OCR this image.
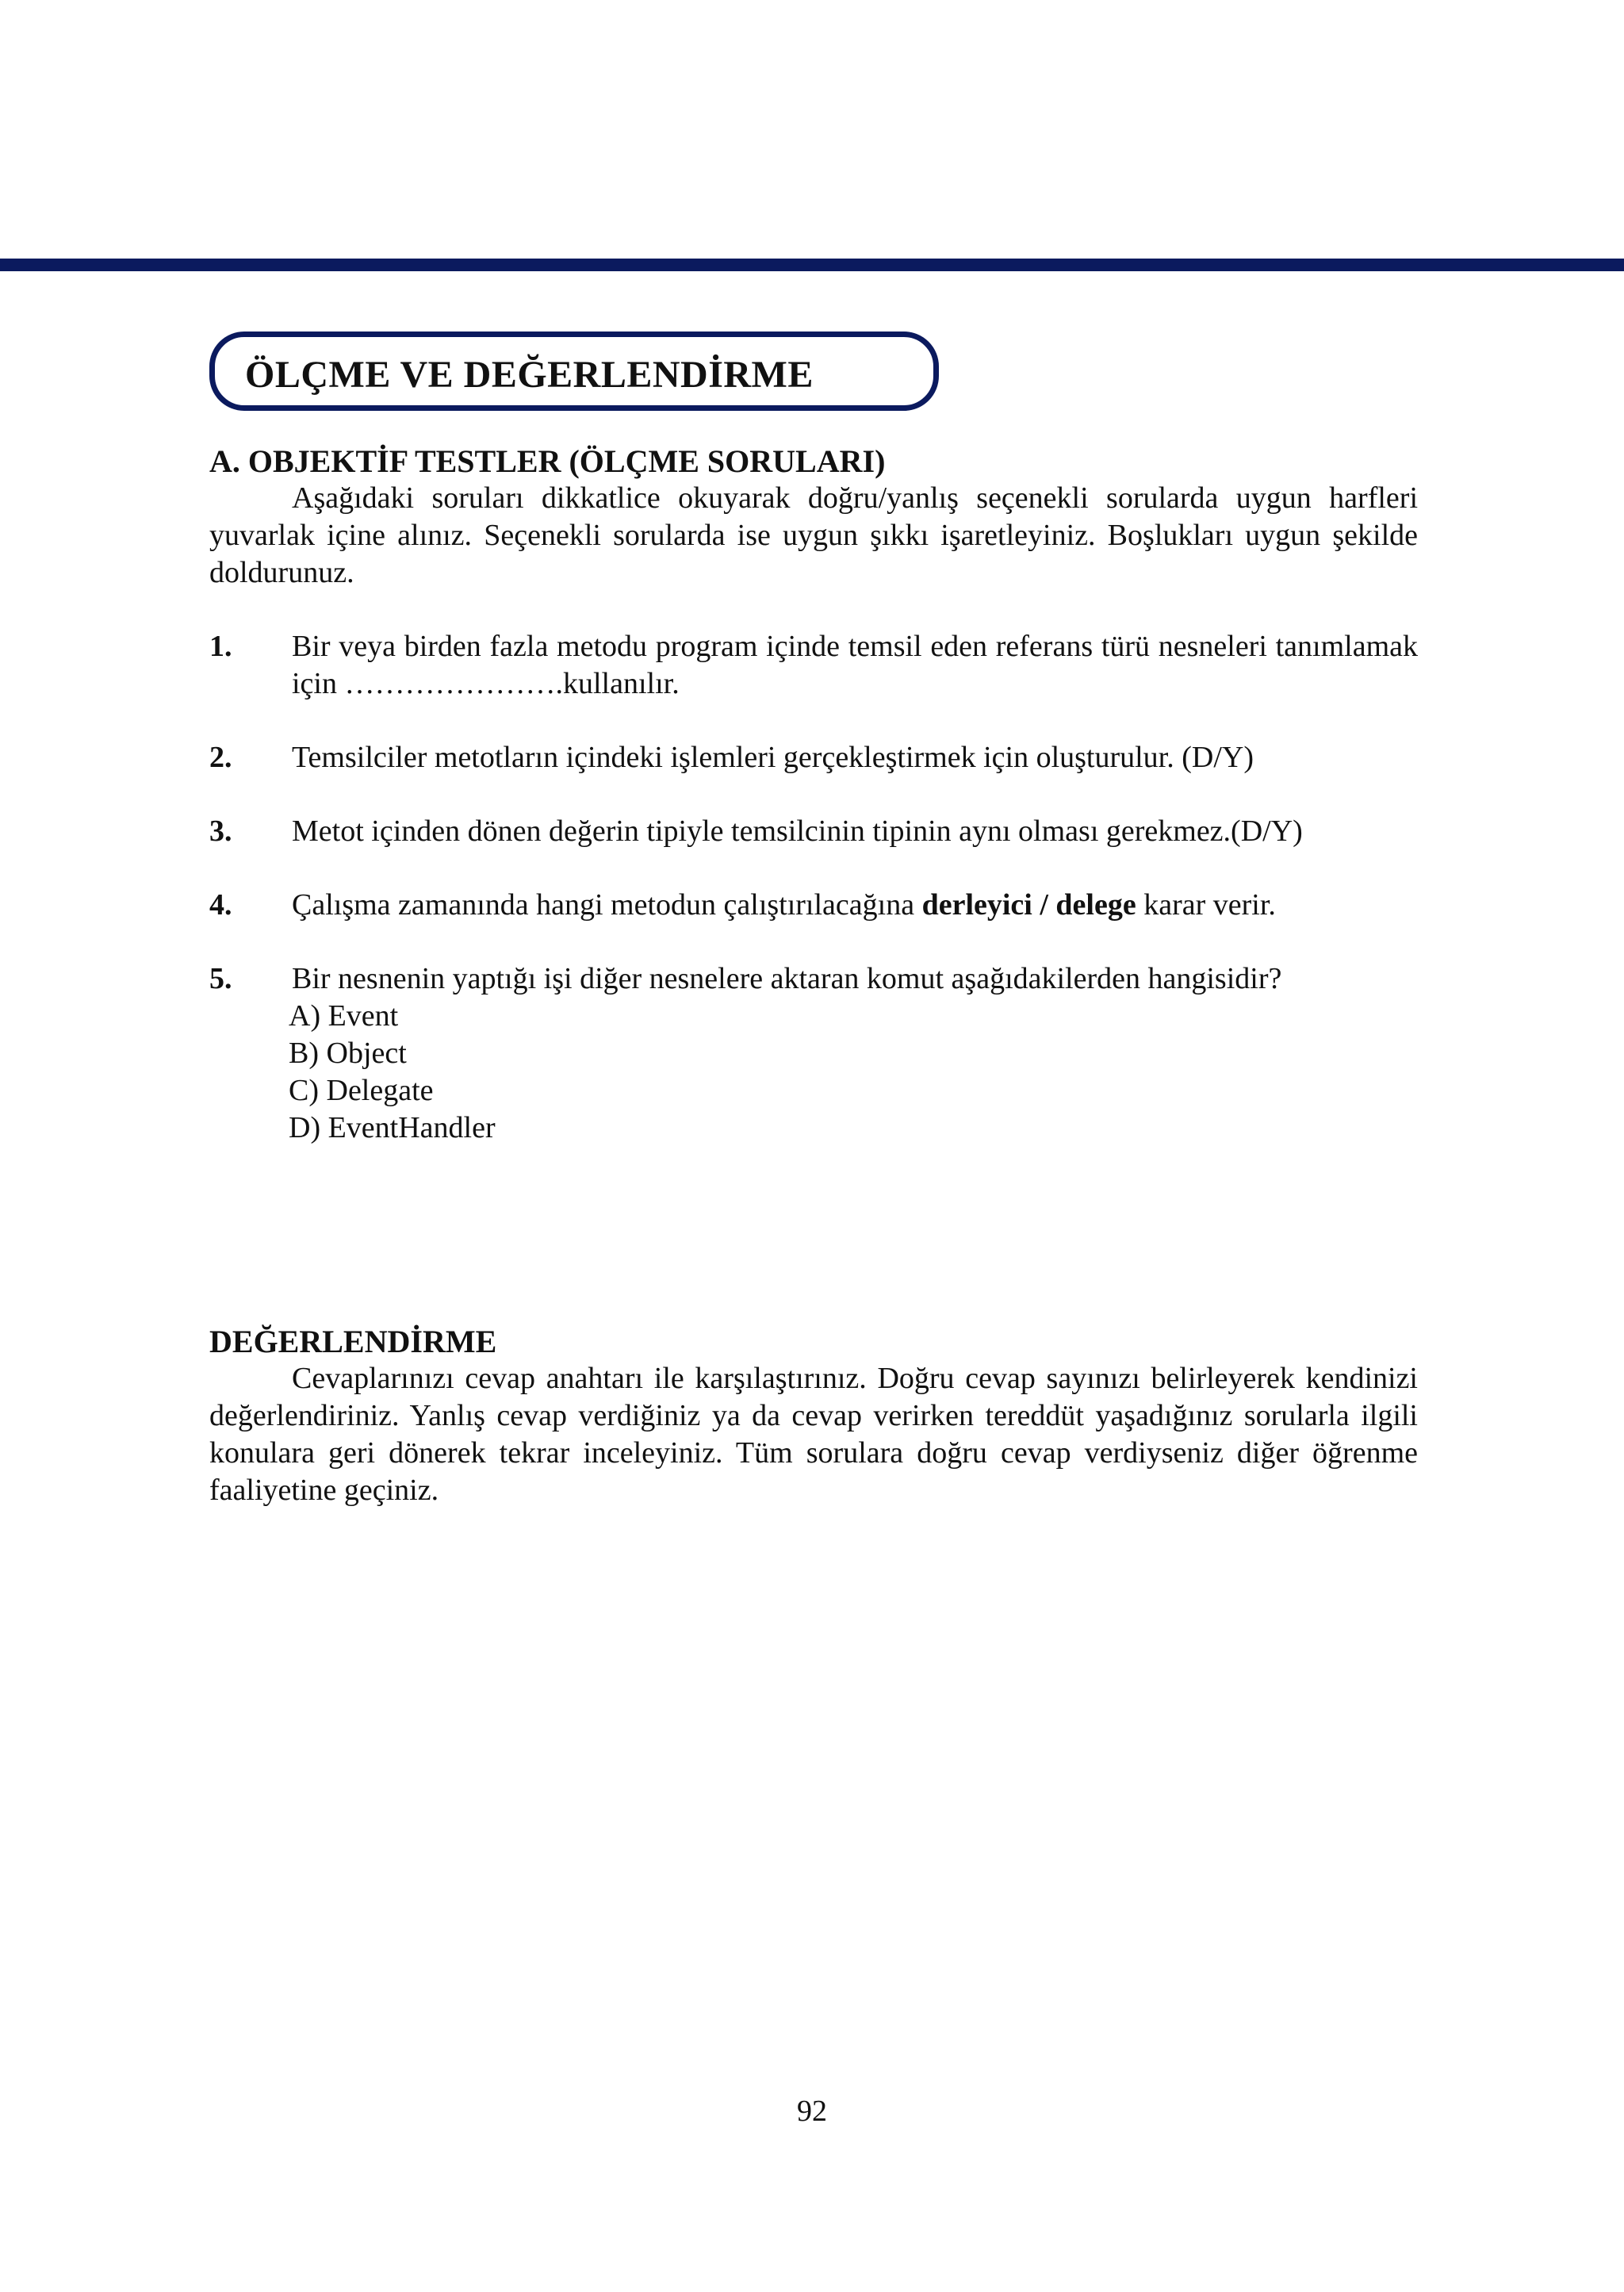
ÖLÇME VE DEĞERLENDİRME
A. OBJEKTİF TESTLER (ÖLÇME SORULARI)

Aşağıdaki soruları dikkatlice okuyarak doğru/yanlış seçenekli sorularda uygun harfleri yuvarlak içine alınız. Seçenekli sorularda ise uygun şıkkı işaretleyiniz. Boşlukları uygun şekilde doldurunuz.

1.	Bir veya birden fazla metodu program içinde temsil eden referans türü nesneleri tanımlamak için ………………….kullanılır.
2.	Temsilciler metotların içindeki işlemleri gerçekleştirmek için oluşturulur. (D/Y)
3.	Metot içinden dönen değerin tipiyle temsilcinin tipinin aynı olması gerekmez.(D/Y)
4.	Çalışma zamanında hangi metodun çalıştırılacağına derleyici / delege karar verir.
5.	Bir nesnenin yaptığı işi diğer nesnelere aktaran komut aşağıdakilerden hangisidir?
A) Event
B) Object
C) Delegate
D) EventHandler
DEĞERLENDİRME

Cevaplarınızı cevap anahtarı ile karşılaştırınız. Doğru cevap sayınızı belirleyerek kendinizi değerlendiriniz. Yanlış cevap verdiğiniz ya da cevap verirken tereddüt yaşadığınız sorularla ilgili konulara geri dönerek tekrar inceleyiniz. Tüm sorulara doğru cevap verdiyseniz diğer öğrenme faaliyetine geçiniz.

92
